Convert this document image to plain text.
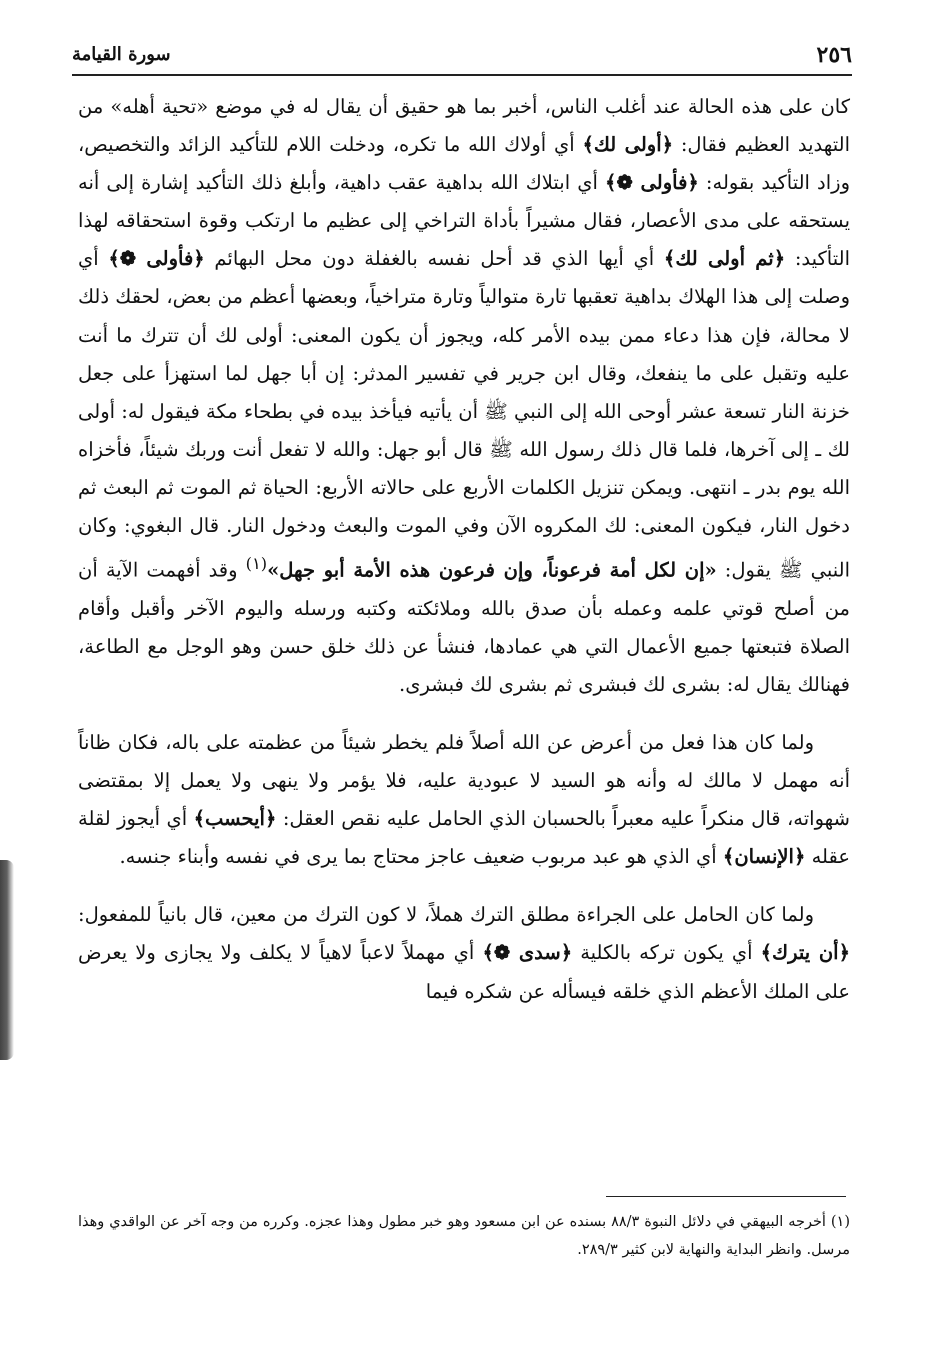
٢٥٦
سورة القيامة

كان على هذه الحالة عند أغلب الناس، أخبر بما هو حقيق أن يقال له في موضع «تحية أهله» من التهديد العظيم فقال: ﴿أولى لك﴾ أي أولاك الله ما تكره، ودخلت اللام للتأكيد الزائد والتخصيص، وزاد التأكيد بقوله: ﴿فأولى ❁﴾ أي ابتلاك الله بداهية عقب داهية، وأبلغ ذلك التأكيد إشارة إلى أنه يستحقه على مدى الأعصار، فقال مشيراً بأداة التراخي إلى عظيم ما ارتكب وقوة استحقاقه لهذا التأكيد: ﴿ثم أولى لك﴾ أي أيها الذي قد أحل نفسه بالغفلة دون محل البهائم ﴿فأولى ❁﴾ أي وصلت إلى هذا الهلاك بداهية تعقبها تارة متوالياً وتارة متراخياً، وبعضها أعظم من بعض، لحقك ذلك لا محالة، فإن هذا دعاء ممن بيده الأمر كله، ويجوز أن يكون المعنى: أولى لك أن تترك ما أنت عليه وتقبل على ما ينفعك، وقال ابن جرير في تفسير المدثر: إن أبا جهل لما استهزأ على جعل خزنة النار تسعة عشر أوحى الله إلى النبي ﷺ أن يأتيه فيأخذ بيده في بطحاء مكة فيقول له: أولى لك ـ إلى آخرها، فلما قال ذلك رسول الله ﷺ قال أبو جهل: والله لا تفعل أنت وربك شيئاً، فأخزاه الله يوم بدر ـ انتهى. ويمكن تنزيل الكلمات الأربع على حالاته الأربع: الحياة ثم الموت ثم البعث ثم دخول النار، فيكون المعنى: لك المكروه الآن وفي الموت والبعث ودخول النار. قال البغوي: وكان النبي ﷺ يقول: «إن لكل أمة فرعوناً، وإن فرعون هذه الأمة أبو جهل»$^{(١)}$ وقد أفهمت الآية أن من أصلح قوتي علمه وعمله بأن صدق بالله وملائكته وكتبه ورسله واليوم الآخر وأقبل وأقام الصلاة فتبعتها جميع الأعمال التي هي عمادها، فنشأ عن ذلك خلق حسن وهو الوجل مع الطاعة، فهنالك يقال له: بشرى لك فبشرى ثم بشرى لك فبشرى.

ولما كان هذا فعل من أعرض عن الله أصلاً فلم يخطر شيئاً من عظمته على باله، فكان ظاناً أنه مهمل لا مالك له وأنه هو السيد لا عبودية عليه، فلا يؤمر ولا ينهى ولا يعمل إلا بمقتضى شهواته، قال منكراً عليه معبراً بالحسبان الذي الحامل عليه نقص العقل: ﴿أيحسب﴾ أي أيجوز لقلة عقله ﴿الإنسان﴾ أي الذي هو عبد مربوب ضعيف عاجز محتاج بما يرى في نفسه وأبناء جنسه.

ولما كان الحامل على الجراءة مطلق الترك هملاً، لا كون الترك من معين، قال بانياً للمفعول: ﴿أن يترك﴾ أي يكون تركه بالكلية ﴿سدى ❁﴾ أي مهملاً لاعباً لاهياً لا يكلف ولا يجازى ولا يعرض على الملك الأعظم الذي خلقه فيسأله عن شكره فيما

(١) أخرجه البيهقي في دلائل النبوة ٨٨/٣ بسنده عن ابن مسعود وهو خبر مطول وهذا عجزه. وكرره من وجه آخر عن الواقدي وهذا مرسل. وانظر البداية والنهاية لابن كثير ٢٨٩/٣.
